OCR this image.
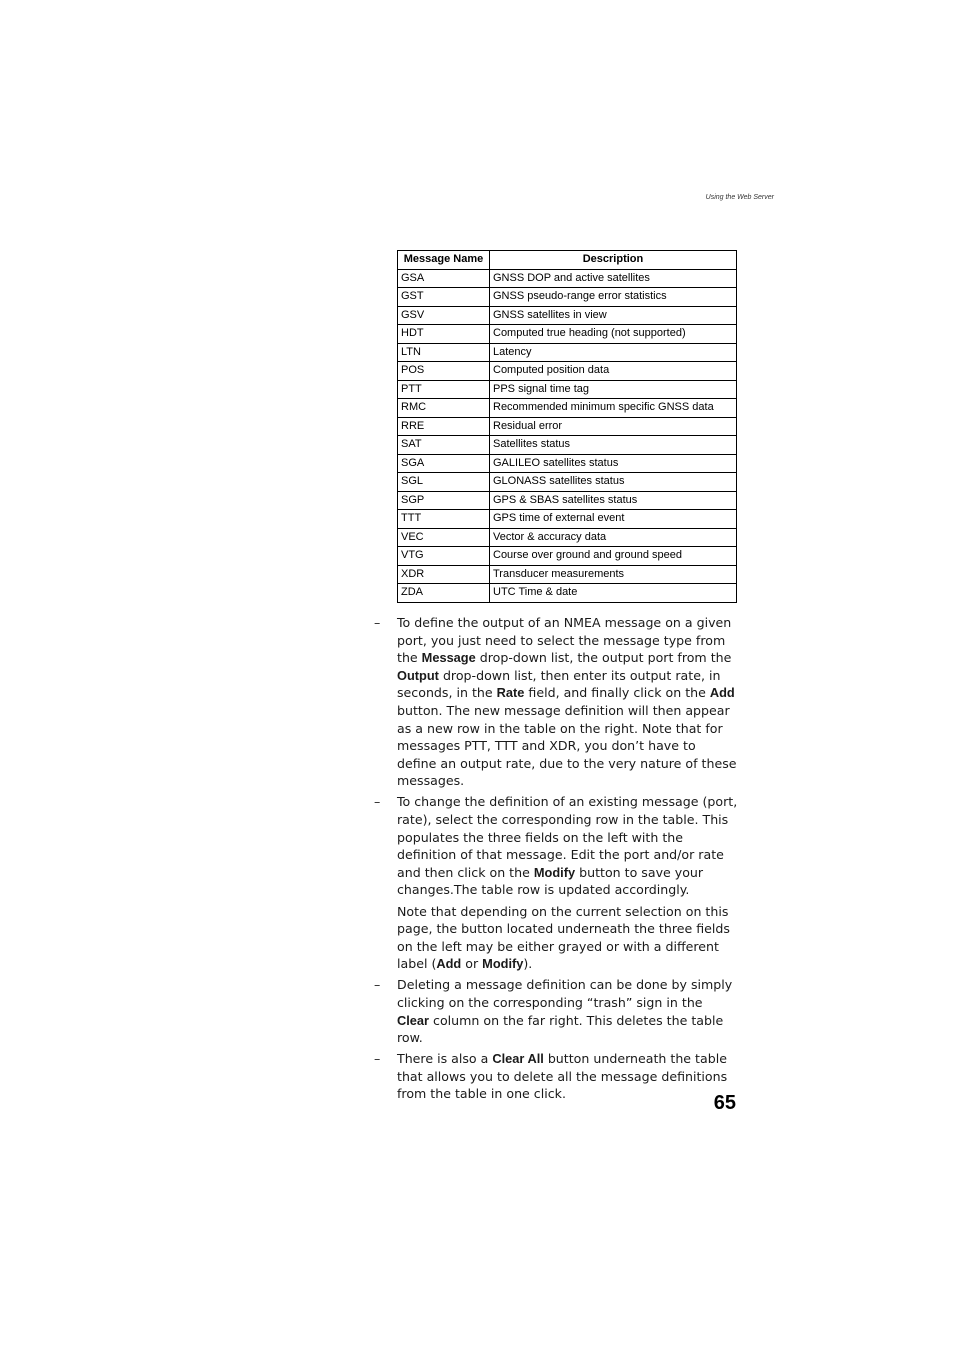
Using the Web Server
Message Name	Description
GSA	GNSS DOP and active satellites
GST	GNSS pseudo-range error statistics
GSV	GNSS satellites in view
HDT	Computed true heading (not supported)
LTN	Latency
POS	Computed position data
PTT	PPS signal time tag
RMC	Recommended minimum specific GNSS data
RRE	Residual error
SAT	Satellites status
SGA	GALILEO satellites status
SGL	GLONASS satellites status
SGP	GPS & SBAS satellites status
TTT	GPS time of external event
VEC	Vector & accuracy data
VTG	Course over ground and ground speed
XDR	Transducer measurements
ZDA	UTC Time & date
– To define the output of an NMEA message on a given port, you just need to select the message type from the Message drop-down list, the output port from the Output drop-down list, then enter its output rate, in seconds, in the Rate field, and finally click on the Add button. The new message definition will then appear as a new row in the table on the right. Note that for messages PTT, TTT and XDR, you don’t have to define an output rate, due to the very nature of these messages.

– To change the definition of an existing message (port, rate), select the corresponding row in the table. This populates the three fields on the left with the definition of that message. Edit the port and/or rate and then click on the Modify button to save your changes.The table row is updated accordingly.

Note that depending on the current selection on this page, the button located underneath the three fields on the left may be either grayed or with a different label (Add or Modify).

– Deleting a message definition can be done by simply clicking on the corresponding “trash” sign in the Clear column on the far right. This deletes the table row.

– There is also a Clear All button underneath the table that allows you to delete all the message definitions from the table in one click.	65
